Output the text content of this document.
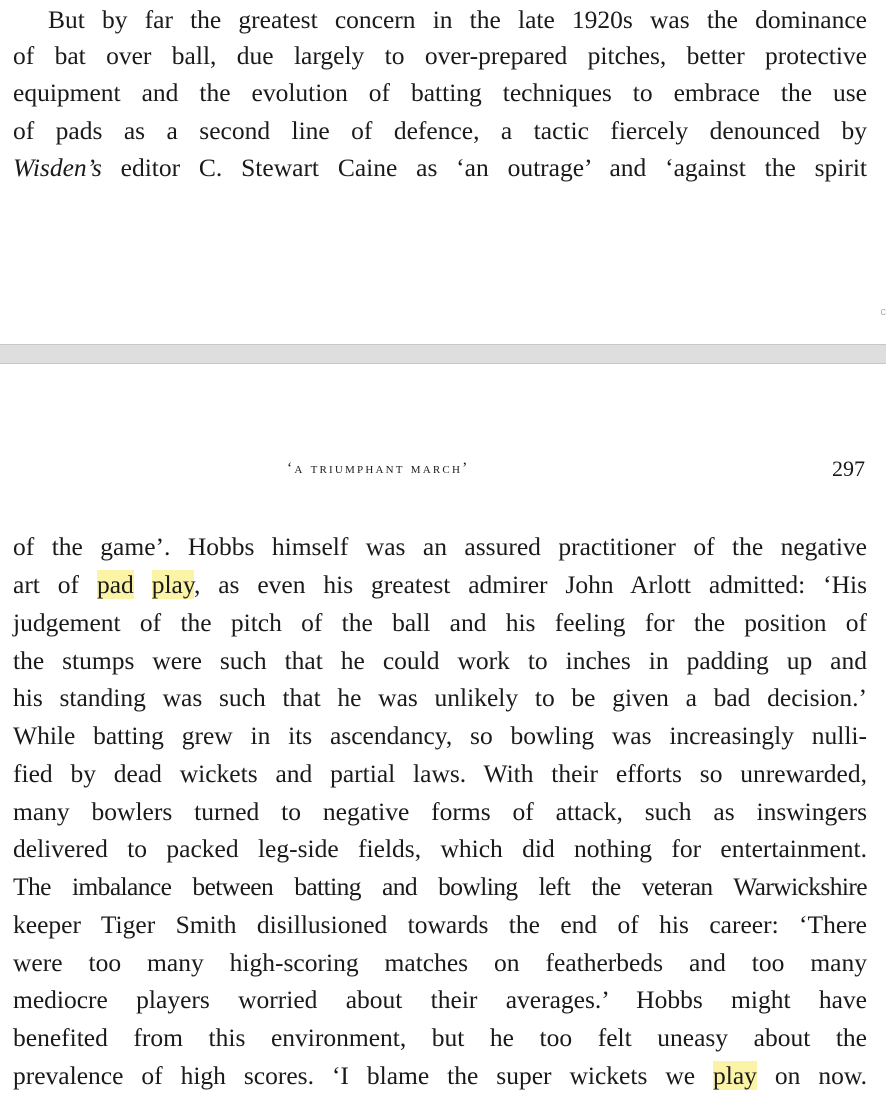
But by far the greatest concern in the late 1920s was the dominance
of bat over ball, due largely to over-prepared pitches, better protective
equipment and the evolution of batting techniques to embrace the use
of pads as a second line of defence, a tactic fiercely denounced by
Wisden’s editor C. Stewart Caine as ‘an outrage’ and ‘against the spirit
c
‘a triumphant march’	297
of the game’. Hobbs himself was an assured practitioner of the negative
art of pad play, as even his greatest admirer John Arlott admitted: ‘His
judgement of the pitch of the ball and his feeling for the position of
the stumps were such that he could work to inches in padding up and
his standing was such that he was unlikely to be given a bad decision.’
While batting grew in its ascendancy, so bowling was increasingly nulli-
fied by dead wickets and partial laws. With their efforts so unrewarded,
many bowlers turned to negative forms of attack, such as inswingers
delivered to packed leg-side fields, which did nothing for entertainment.
The imbalance between batting and bowling left the veteran Warwickshire
keeper Tiger Smith disillusioned towards the end of his career: ‘There
were too many high-scoring matches on featherbeds and too many
mediocre players worried about their averages.’ Hobbs might have
benefited from this environment, but he too felt uneasy about the
prevalence of high scores. ‘I blame the super wickets we play on now.
